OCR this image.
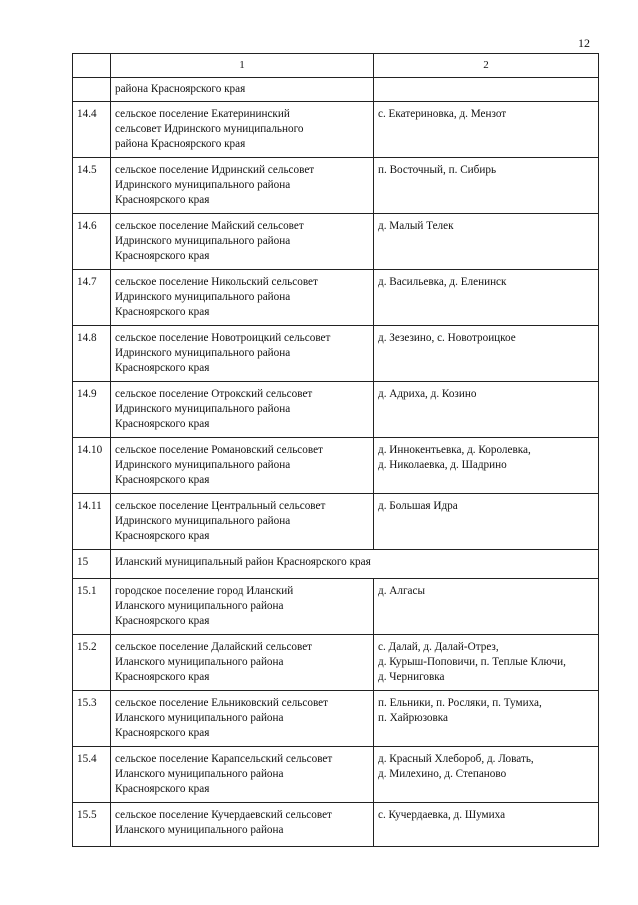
12
	1	2
	района Красноярского края	
14.4	сельское поселение Екатерининский
сельсовет Идринского муниципального
района Красноярского края	с. Екатериновка, д. Мензот
14.5	сельское поселение Идринский сельсовет
Идринского муниципального района
Красноярского края	п. Восточный, п. Сибирь
14.6	сельское поселение Майский сельсовет
Идринского муниципального района
Красноярского края	д. Малый Телек
14.7	сельское поселение Никольский сельсовет
Идринского муниципального района
Красноярского края	д. Васильевка, д. Еленинск
14.8	сельское поселение Новотроицкий сельсовет
Идринского муниципального района
Красноярского края	д. Зезезино, с. Новотроицкое
14.9	сельское поселение Отрокский сельсовет
Идринского муниципального района
Красноярского края	д. Адриха, д. Козино
14.10	сельское поселение Романовский сельсовет
Идринского муниципального района
Красноярского края	д. Иннокентьевка, д. Королевка,
д. Николаевка, д. Шадрино
14.11	сельское поселение Центральный сельсовет
Идринского муниципального района
Красноярского края	д. Большая Идра
15	Иланский муниципальный район Красноярского края	
15.1	городское поселение город Иланский
Иланского муниципального района
Красноярского края	д. Алгасы
15.2	сельское поселение Далайский сельсовет
Иланского муниципального района
Красноярского края	с. Далай, д. Далай-Отрез,
д. Курыш-Поповичи, п. Теплые Ключи,
д. Черниговка
15.3	сельское поселение Ельниковский сельсовет
Иланского муниципального района
Красноярского края	п. Ельники, п. Росляки, п. Тумиха,
п. Хайрюзовка
15.4	сельское поселение Карапсельский сельсовет
Иланского муниципального района
Красноярского края	д. Красный Хлебороб, д. Ловать,
д. Милехино, д. Степаново
15.5	сельское поселение Кучердаевский сельсовет
Иланского муниципального района	с. Кучердаевка, д. Шумиха
